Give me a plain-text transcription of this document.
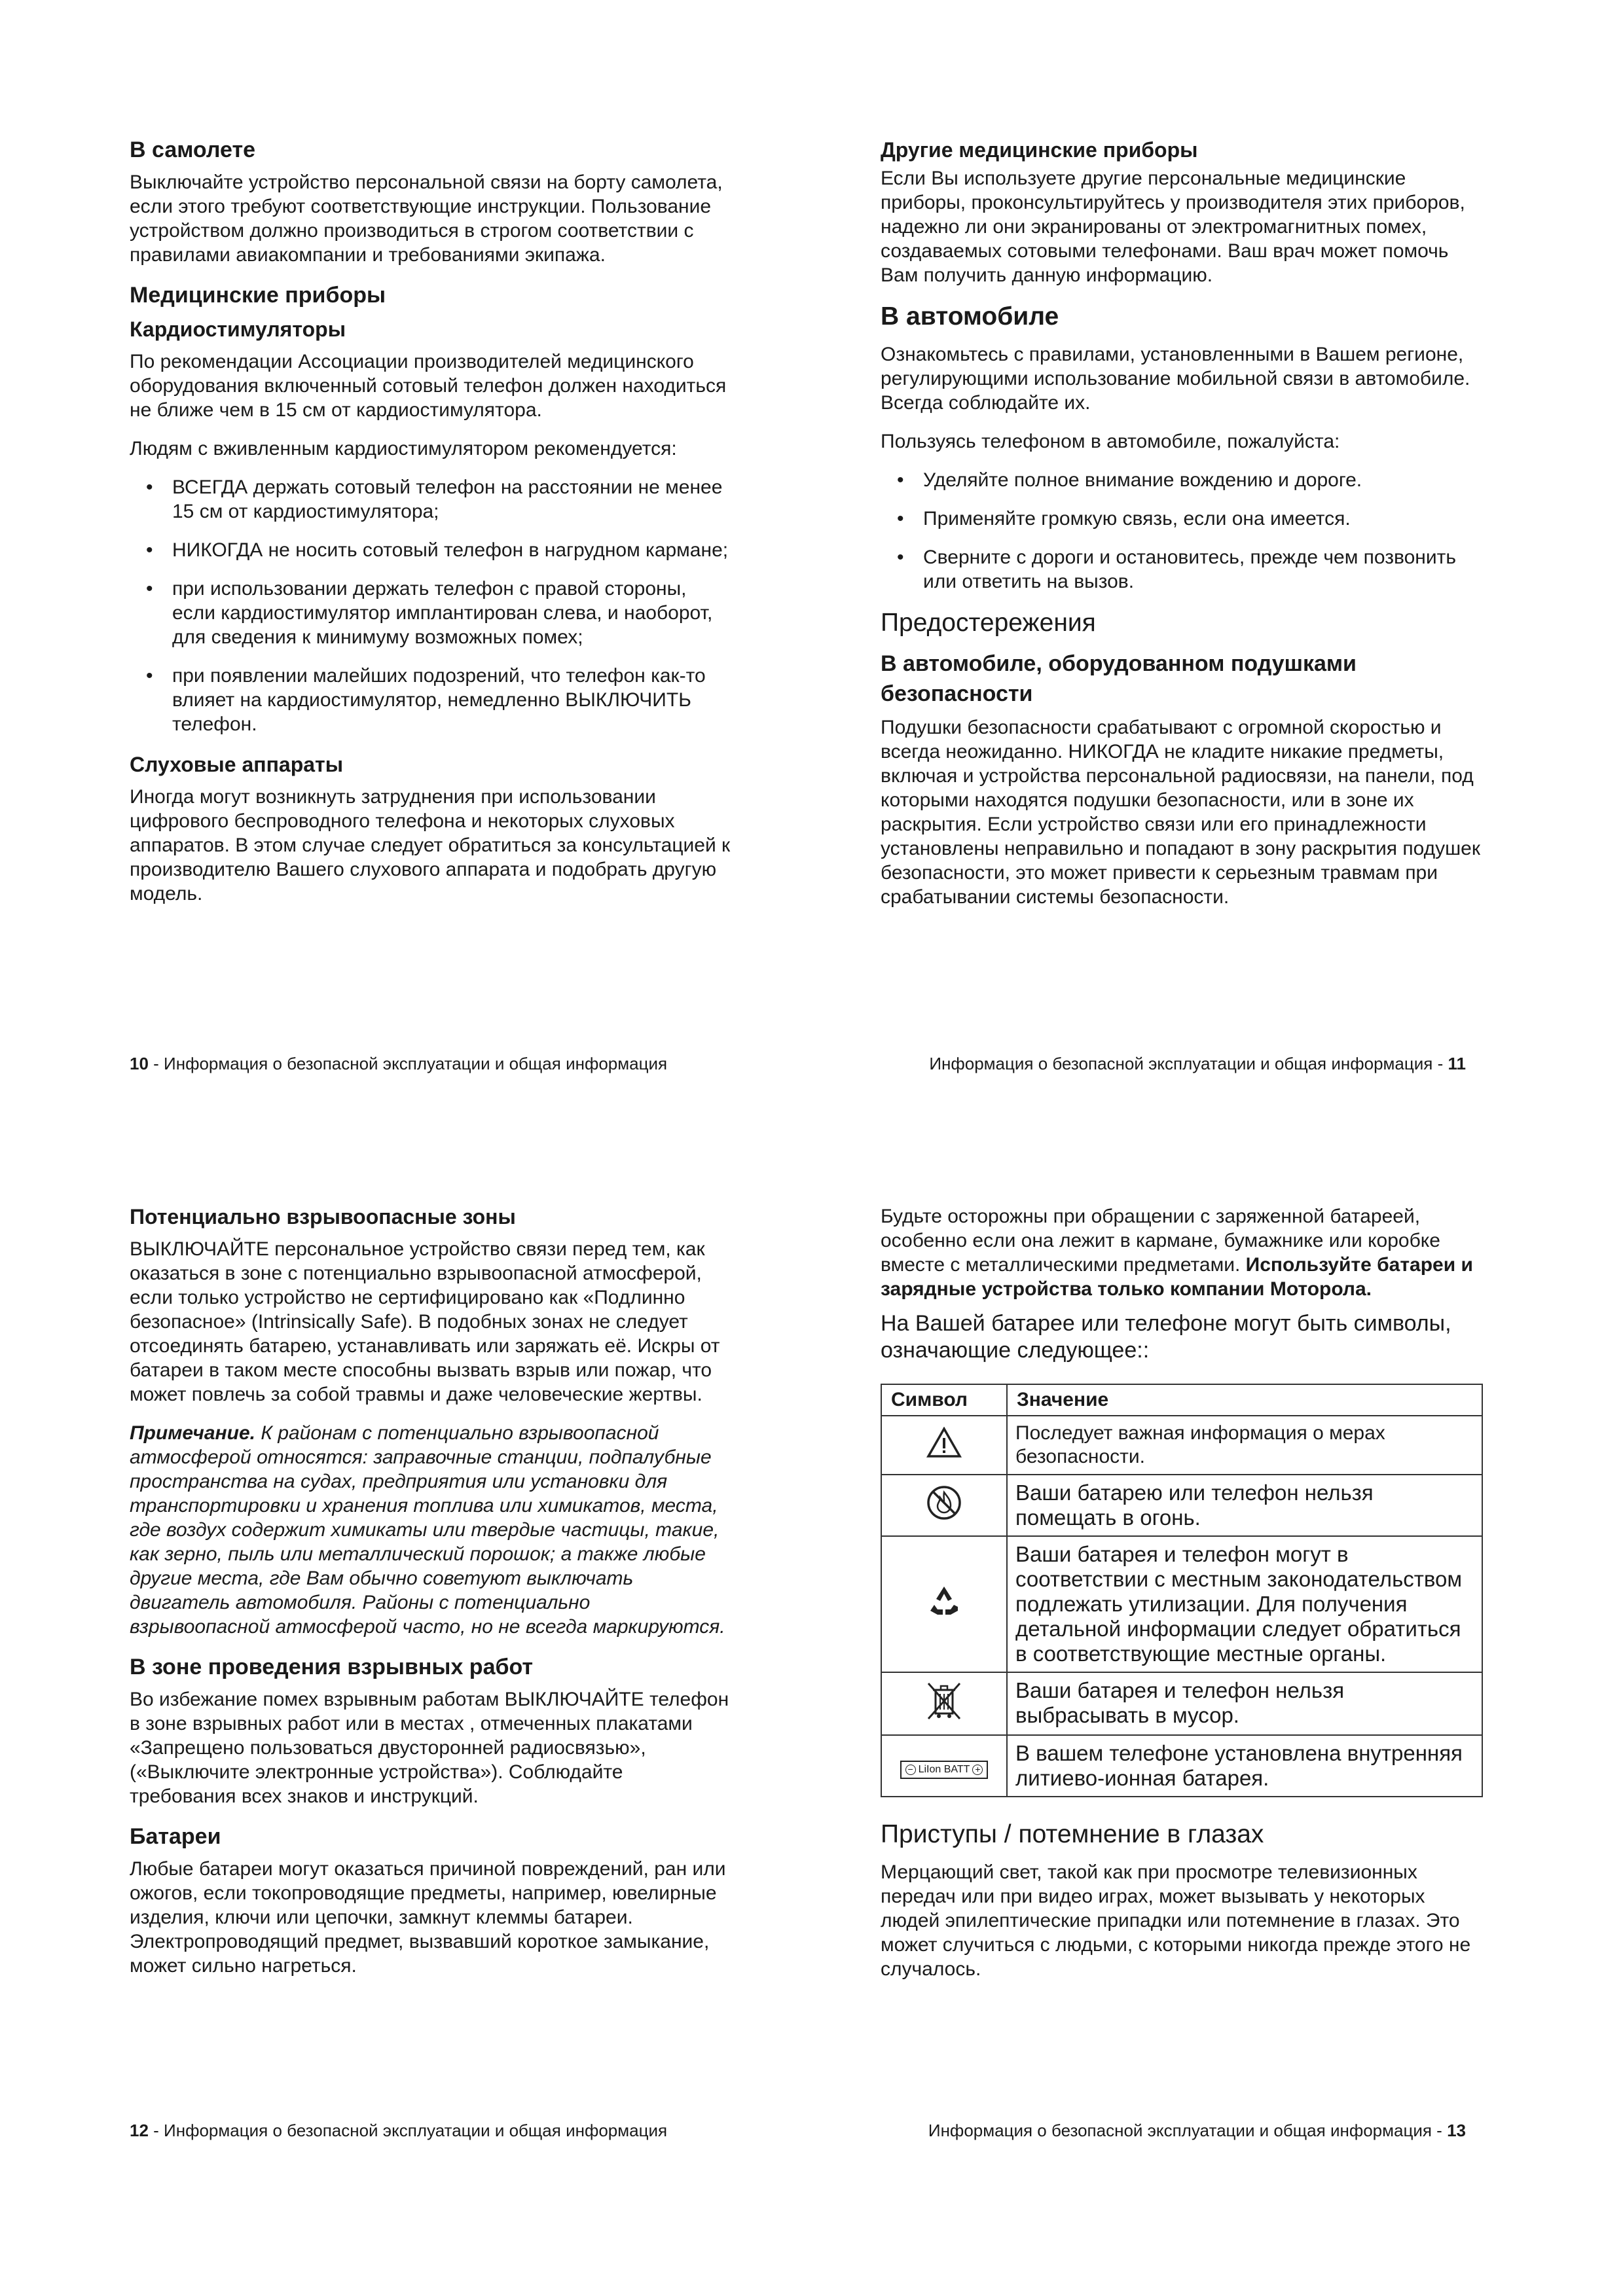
В самолете

Выключайте устройство персональной связи на борту самолета, если этого требуют соответствующие инструкции. Пользование устройством должно производиться в строгом соответствии с правилами авиакомпании и требованиями экипажа.

Медицинские приборы
Кардиостимуляторы

По рекомендации Ассоциации производителей медицинского оборудования включенный сотовый телефон должен находиться не ближе чем в 15 см от кардиостимулятора.

Людям с вживленным кардиостимулятором рекомендуется:

• ВСЕГДА держать сотовый телефон на расстоянии не менее 15 см от кардиостимулятора;
• НИКОГДА не носить сотовый телефон в нагрудном кармане;
• при использовании держать телефон с правой стороны, если кардиостимулятор имплантирован слева, и наоборот, для сведения к минимуму возможных помех;
• при появлении малейших подозрений, что телефон как-то влияет на кардиостимулятор, немедленно ВЫКЛЮЧИТЬ телефон.
Слуховые аппараты

Иногда могут возникнуть затруднения при использовании цифрового беспроводного телефона и некоторых слуховых аппаратов. В этом случае следует обратиться за консультацией к производителю Вашего слухового аппарата и подобрать другую модель.

10 - Информация о безопасной эксплуатации и общая информация
Другие медицинские приборы

Если Вы используете другие персональные медицинские приборы, проконсультируйтесь у производителя этих приборов, надежно ли они экранированы от электромагнитных помех, создаваемых сотовыми телефонами. Ваш врач может помочь Вам получить данную информацию.

В автомобиле

Ознакомьтесь с правилами, установленными в Вашем регионе, регулирующими использование мобильной связи в автомобиле. Всегда соблюдайте их.

Пользуясь телефоном в автомобиле, пожалуйста:

• Уделяйте полное внимание вождению и дороге.
• Применяйте громкую связь, если она имеется.
• Сверните с дороги и остановитесь, прежде чем позвонить или ответить на вызов.
Предостережения
В автомобиле, оборудованном подушками безопасности

Подушки безопасности срабатывают с огромной скоростью и всегда неожиданно. НИКОГДА не кладите никакие предметы, включая и устройства персональной радиосвязи, на панели, под которыми находятся подушки безопасности, или в зоне их раскрытия. Если устройство связи или его принадлежности установлены неправильно и попадают в зону раскрытия подушек безопасности, это может привести к серьезным травмам при срабатывании системы безопасности.

Информация о безопасной эксплуатации и общая информация - 11
Потенциально взрывоопасные зоны

ВЫКЛЮЧАЙТЕ персональное устройство связи перед тем, как оказаться в зоне с потенциально взрывоопасной атмосферой, если только устройство не сертифицировано как «Подлинно безопасное» (Intrinsically Safe). В подобных зонах не следует отсоединять батарею, устанавливать или заряжать её. Искры от батареи в таком месте способны вызвать взрыв или пожар, что может повлечь за собой травмы и даже человеческие жертвы.

Примечание. К районам с потенциально взрывоопасной атмосферой относятся: заправочные станции, подпалубные пространства на судах, предприятия или установки для транспортировки и хранения топлива или химикатов, места, где воздух содержит химикаты или твердые частицы, такие, как зерно, пыль или металлический порошок; а также любые другие места, где Вам обычно советуют выключать двигатель автомобиля. Районы с потенциально взрывоопасной атмосферой часто, но не всегда маркируются.

В зоне проведения взрывных работ

Во избежание помех взрывным работам ВЫКЛЮЧАЙТЕ телефон в зоне взрывных работ или в местах , отмеченных плакатами «Запрещено пользоваться двусторонней радиосвязью», («Выключите электронные устройства»). Соблюдайте требования всех знаков и инструкций.

Батареи

Любые батареи могут оказаться причиной повреждений, ран или ожогов, если токопроводящие предметы, например, ювелирные изделия, ключи или цепочки, замкнут клеммы батареи. Электропроводящий предмет, вызвавший короткое замыкание, может сильно нагреться.

12 - Информация о безопасной эксплуатации и общая информация

Будьте осторожны при обращении с заряженной батареей, особенно если она лежит в кармане, бумажнике или коробке вместе с металлическими предметами. Используйте батареи и зарядные устройства только компании Моторола.

На Вашей батарее или телефоне могут быть символы, означающие следующее::

Символ	Значение
	Последует важная информация о мерах безопасности.
	Ваши батарею или телефон нельзя помещать в огонь.
	Ваши батарея и телефон могут в соответствии с местным законодательством подлежать утилизации. Для получения детальной информации следует обратиться в соответствующие местные органы.
	Ваши батарея и телефон нельзя выбрасывать в мусор.

− LiIon BATT +	В вашем телефоне установлена внутренняя литиево-ионная батарея.
Приступы / потемнение в глазах

Мерцающий свет, такой как при просмотре телевизионных передач или при видео играх, может вызывать у некоторых людей эпилептические припадки или потемнение в глазах. Это может случиться с людьми, с которыми никогда прежде этого не случалось.

Информация о безопасной эксплуатации и общая информация - 13
